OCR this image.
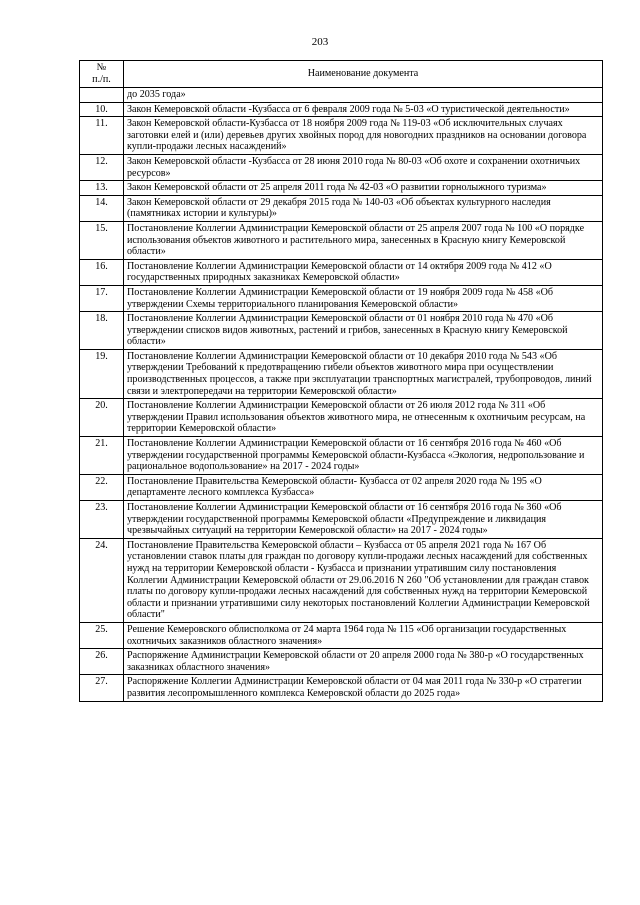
203
№
п./п.	Наименование документа
	до 2035 года»
10.	Закон Кемеровской области -Кузбасса от 6 февраля 2009 года № 5-03 «О туристической деятельности»
11.	Закон Кемеровской области-Кузбасса от 18 ноября 2009 года № 119-03 «Об исключительных случаях заготовки елей и (или) деревьев других хвойных пород для новогодних праздников на основании договора купли-продажи лесных насаждений»
12.	Закон Кемеровской области -Кузбасса от 28 июня 2010 года № 80-03 «Об охоте и сохранении охотничьих ресурсов»
13.	Закон Кемеровской области от 25 апреля 2011 года № 42-03 «О развитии горнолыжного туризма»
14.	Закон Кемеровской области от 29 декабря 2015 года № 140-03 «Об объектах культурного наследия (памятниках истории и культуры)»
15.	Постановление Коллегии Администрации Кемеровской области от 25 апреля 2007 года № 100 «О порядке использования объектов животного и растительного мира, занесенных в Красную книгу Кемеровской области»
16.	Постановление Коллегии Администрации Кемеровской области от 14 октября 2009 года № 412 «О государственных природных заказниках Кемеровской области»
17.	Постановление Коллегии Администрации Кемеровской области от 19 ноября 2009 года № 458 «Об утверждении Схемы территориального планирования Кемеровской области»
18.	Постановление Коллегии Администрации Кемеровской области от 01 ноября 2010 года № 470 «Об утверждении списков видов животных, растений и грибов, занесенных в Красную книгу Кемеровской области»
19.	Постановление Коллегии Администрации Кемеровской области от 10 декабря 2010 года № 543 «Об утверждении Требований к предотвращению гибели объектов животного мира при осуществлении производственных процессов, а также при эксплуатации транспортных магистралей, трубопроводов, линий связи и электропередачи на территории Кемеровской области»
20.	Постановление Коллегии Администрации Кемеровской области от 26 июля 2012 года № 311 «Об утверждении Правил использования объектов животного мира, не отнесенным к охотничьим ресурсам, на территории Кемеровской области»
21.	Постановление Коллегии Администрации Кемеровской области от 16 сентября 2016 года № 460 «Об утверждении государственной программы Кемеровской области-Кузбасса «Экология, недропользование и рациональное водопользование» на 2017 - 2024 годы»
22.	Постановление Правительства Кемеровской области- Кузбасса от 02 апреля 2020 года № 195 «О департаменте лесного комплекса Кузбасса»
23.	Постановление Коллегии Администрации Кемеровской области от 16 сентября 2016 года № 360 «Об утверждении государственной программы Кемеровской области «Предупреждение и ликвидация чрезвычайных ситуаций на территории Кемеровской области» на 2017 - 2024 годы»
24.	Постановление Правительства Кемеровской области – Кузбасса от 05 апреля 2021 года № 167 Об установлении ставок платы для граждан по договору купли-продажи лесных насаждений для собственных нужд на территории Кемеровской области - Кузбасса и признании утратившим силу постановления Коллегии Администрации Кемеровской области от 29.06.2016 N 260 "Об установлении для граждан ставок платы по договору купли-продажи лесных насаждений для собственных нужд на территории Кемеровской области и признании утратившими силу некоторых постановлений Коллегии Администрации Кемеровской области"
25.	Решение Кемеровского облисполкома от 24 марта 1964 года № 115 «Об организации государственных охотничьих заказников областного значения»
26.	Распоряжение Администрации Кемеровской области от 20 апреля 2000 года № 380-р «О государственных заказниках областного значения»
27.	Распоряжение Коллегии Администрации Кемеровской области от 04 мая 2011 года № 330-р «О стратегии развития лесопромышленного комплекса Кемеровской области до 2025 года»
